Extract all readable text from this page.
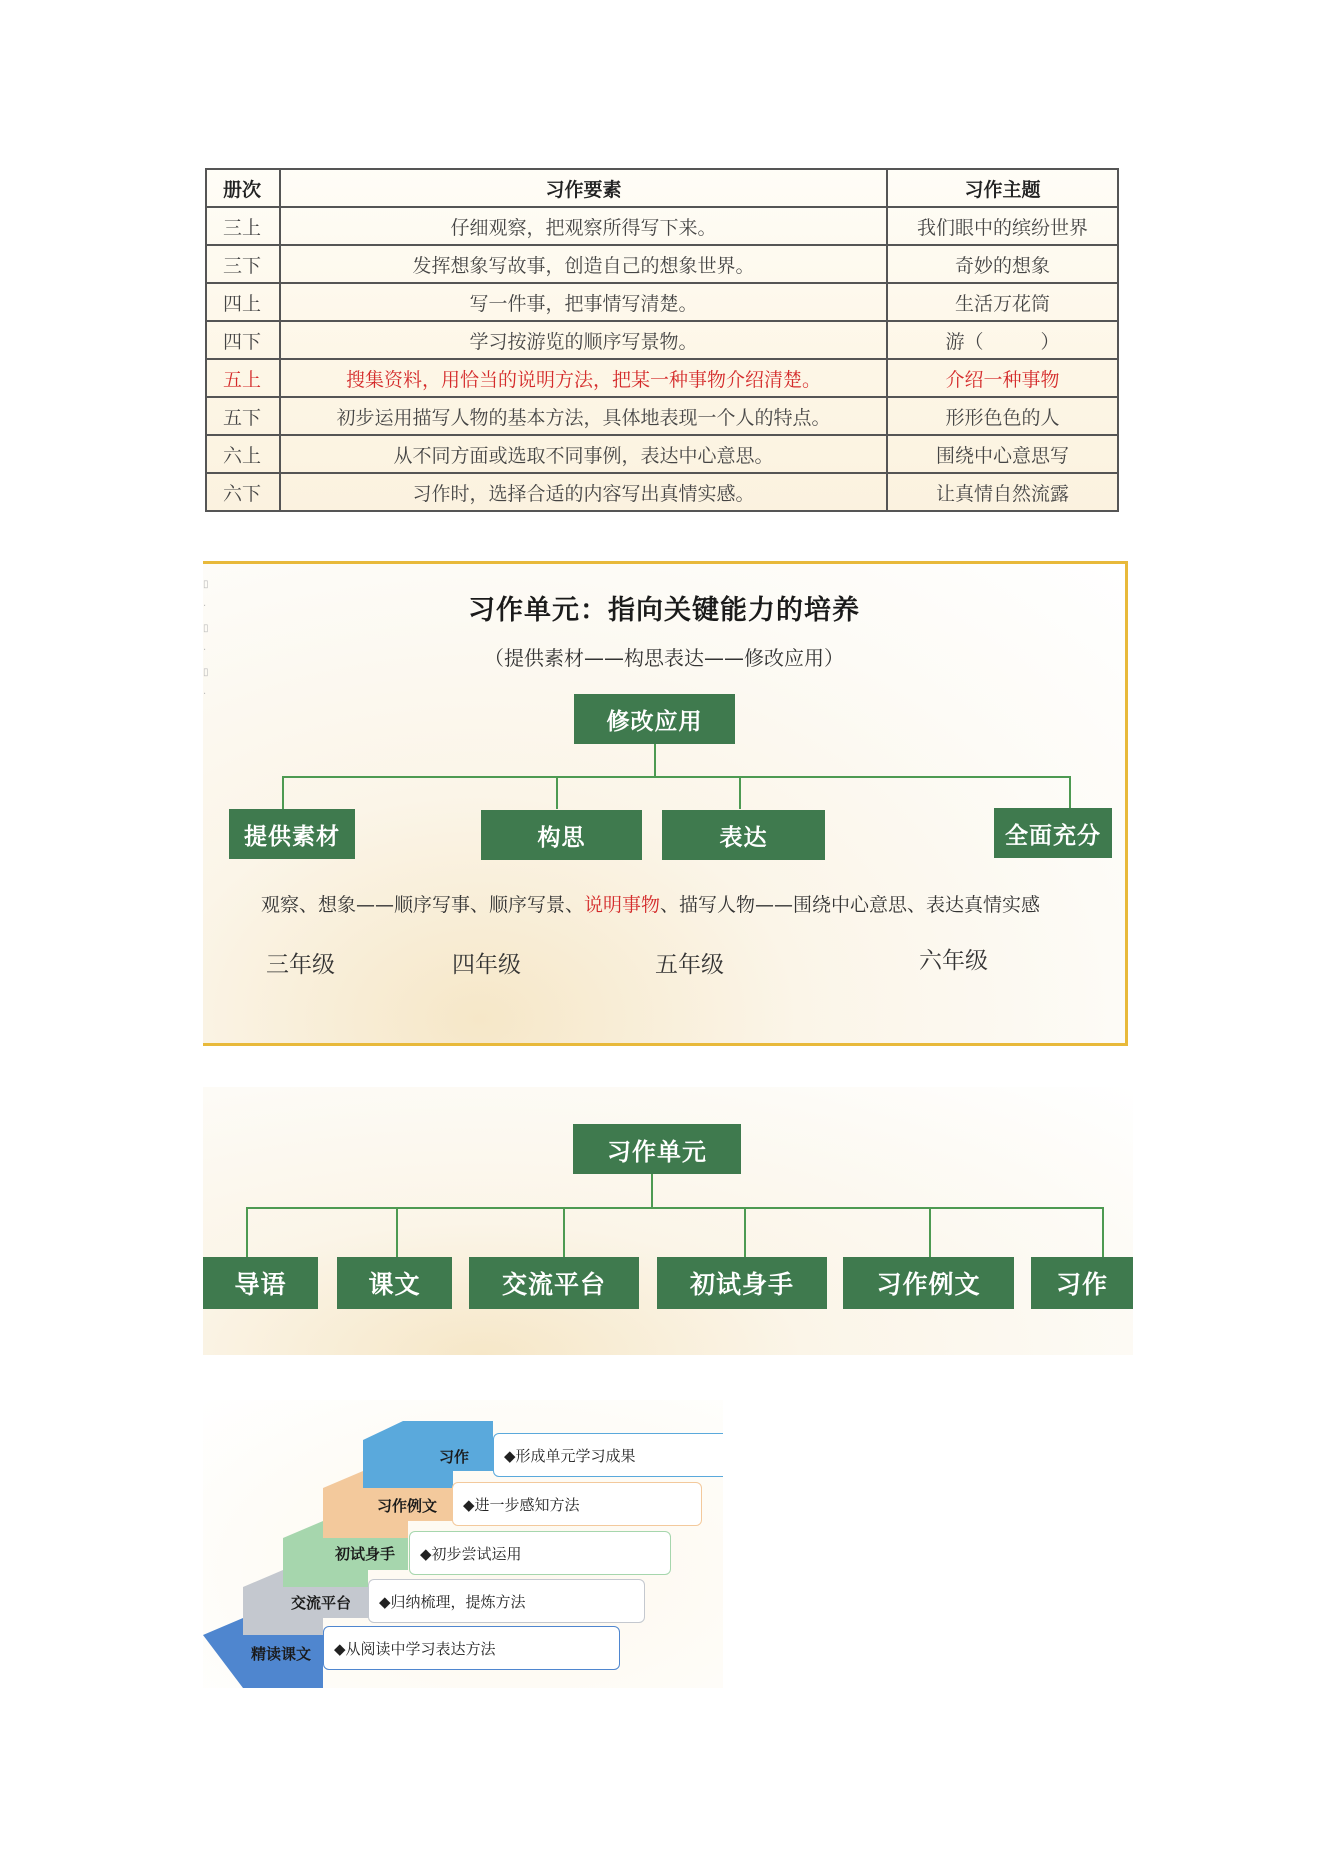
册次	习作要素	习作主题
三上	仔细观察，把观察所得写下来。	我们眼中的缤纷世界
三下	发挥想象写故事，创造自己的想象世界。	奇妙的想象
四上	写一件事，把事情写清楚。	生活万花筒
四下	学习按游览的顺序写景物。	游（　　　）
五上	搜集资料，用恰当的说明方法，把某一种事物介绍清楚。	介绍一种事物
五下	初步运用描写人物的基本方法，具体地表现一个人的特点。	形形色色的人
六上	从不同方面或选取不同事例，表达中心意思。	围绕中心意思写
六下	习作时，选择合适的内容写出真情实感。	让真情自然流露
▯
·
▯
·
▯
·
习作单元：指向关键能力的培养
（提供素材——构思表达——修改应用）
修改应用
提供素材	构思	表达	全面充分
观察、想象——顺序写事、顺序写景、说明事物、描写人物——围绕中心意思、表达真情实感
三年级	四年级	五年级	六年级
习作单元
导语	课文	交流平台	初试身手	习作例文	习作
◆形成单元学习成果
◆进一步感知方法
◆初步尝试运用
◆归纳梳理，提炼方法
◆从阅读中学习表达方法
习作
习作例文
初试身手
交流平台
精读课文
